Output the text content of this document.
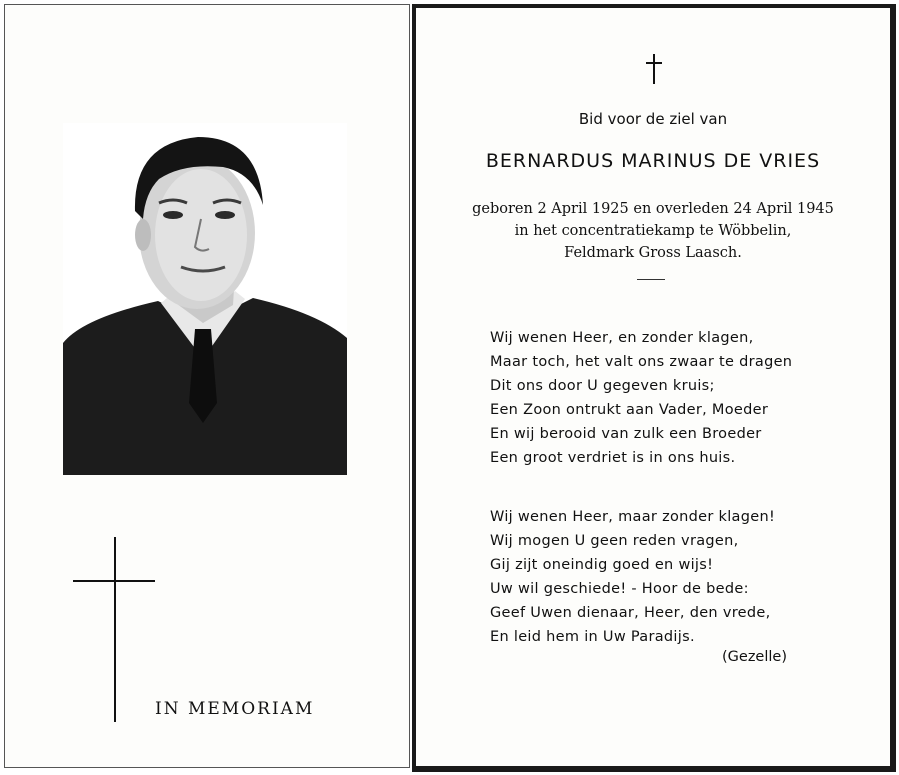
IN MEMORIAM
Bid voor de ziel van
BERNARDUS MARINUS DE VRIES
geboren 2 April 1925 en overleden 24 April 1945
in het concentratiekamp te Wöbbelin,
Feldmark Gross Laasch.
Wij wenen Heer, en zonder klagen,
Maar toch, het valt ons zwaar te dragen
Dit ons door U gegeven kruis;
Een Zoon ontrukt aan Vader, Moeder
En wij berooid van zulk een Broeder
Een groot verdriet is in ons huis.
Wij wenen Heer, maar zonder klagen!
Wij mogen U geen reden vragen,
Gij zijt oneindig goed en wijs!
Uw wil geschiede! - Hoor de bede:
Geef Uwen dienaar, Heer, den vrede,
En leid hem in Uw Paradijs.
(Gezelle)
